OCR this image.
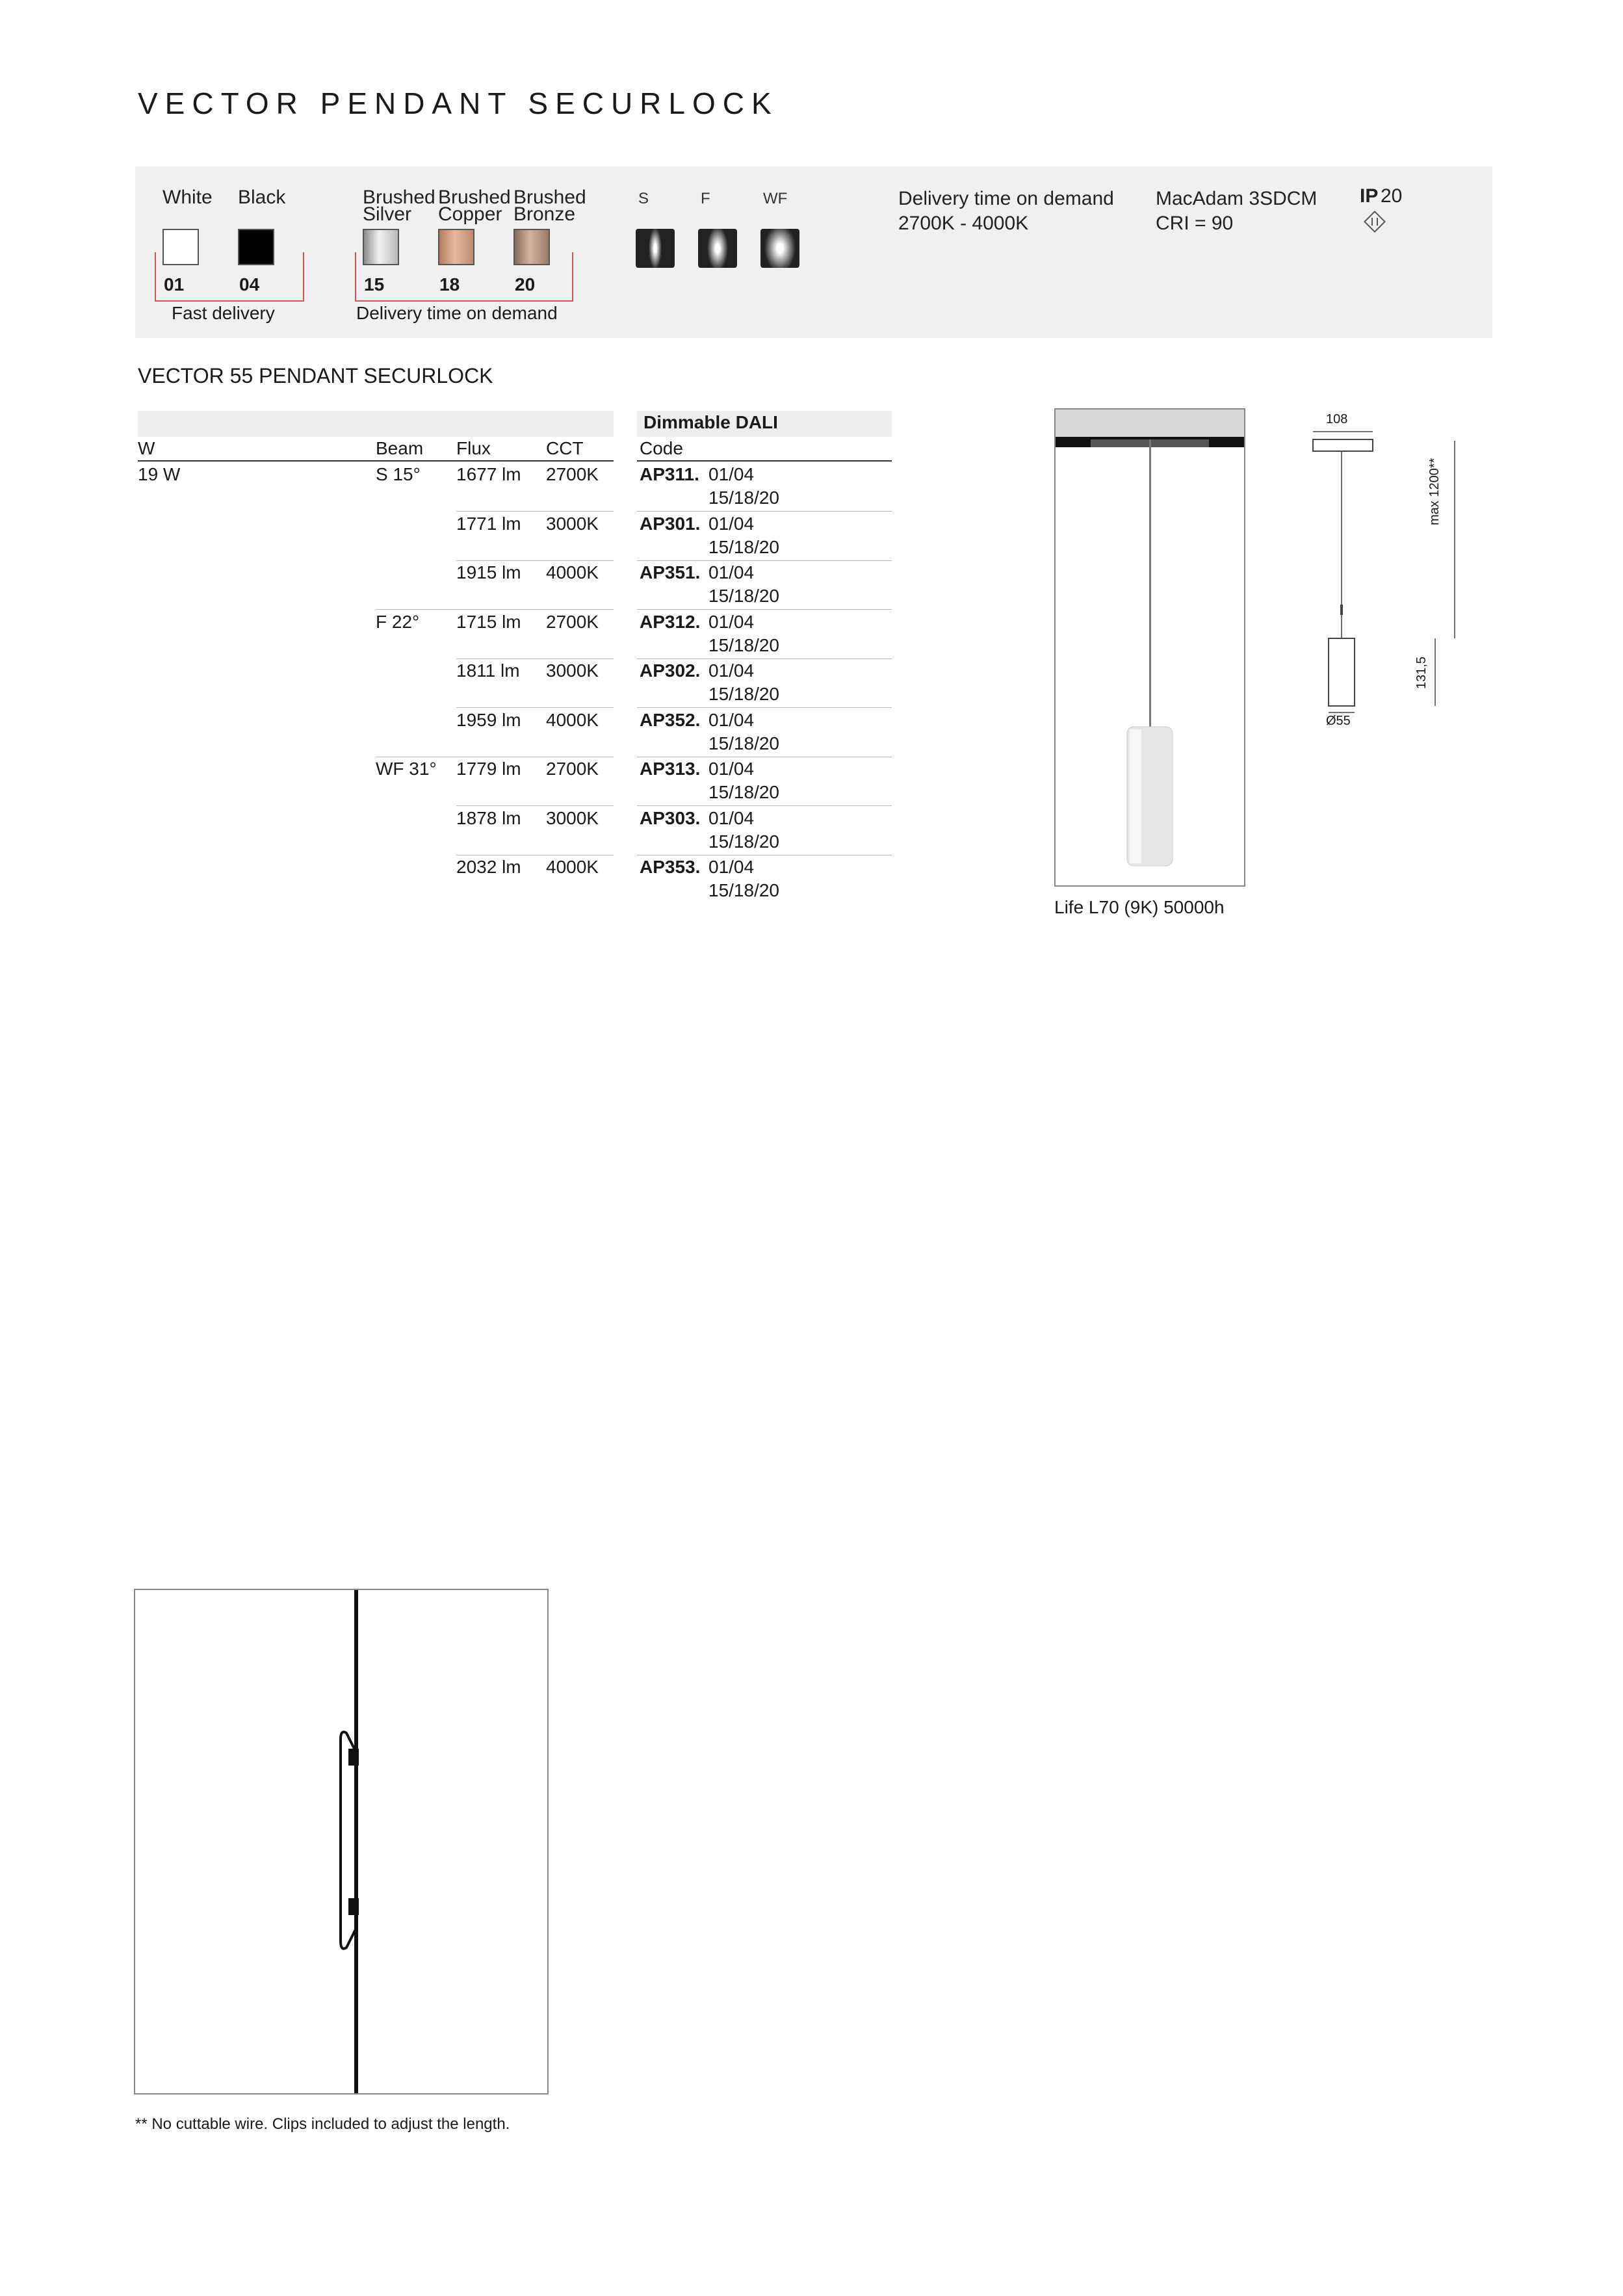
VECTOR PENDANT SECURLOCK
White Black	Brushed
Silver
Brushed
Copper
Brushed
Bronze
01	04	15	18	20
Fast delivery	Delivery time on demand
S	F	WF	Delivery time on demand
2700K - 4000K
MacAdam 3SDCM
CRI = 90
IP 20
VECTOR 55 PENDANT SECURLOCK
Dimmable DALI
W	Beam Flux	CCT	Code
19 W	S 15° 1677 lm 2700K AP311. 01/04
15/18/20
1771 lm 3000K AP301. 01/04
15/18/20
1915 lm 4000K AP351. 01/04
15/18/20
F 22° 1715 lm 2700K AP312. 01/04
15/18/20
1811 lm 3000K AP302. 01/04
15/18/20
1959 lm 4000K AP352. 01/04
15/18/20
WF 31° 1779 lm 2700K AP313. 01/04
15/18/20
1878 lm 3000K AP303. 01/04
15/18/20
2032 lm 4000K AP353. 01/04
15/18/20
Life L70 (9K) 50000h
108
max 1200**
131,5
Ø55
** No cuttable wire. Clips included to adjust the length.
